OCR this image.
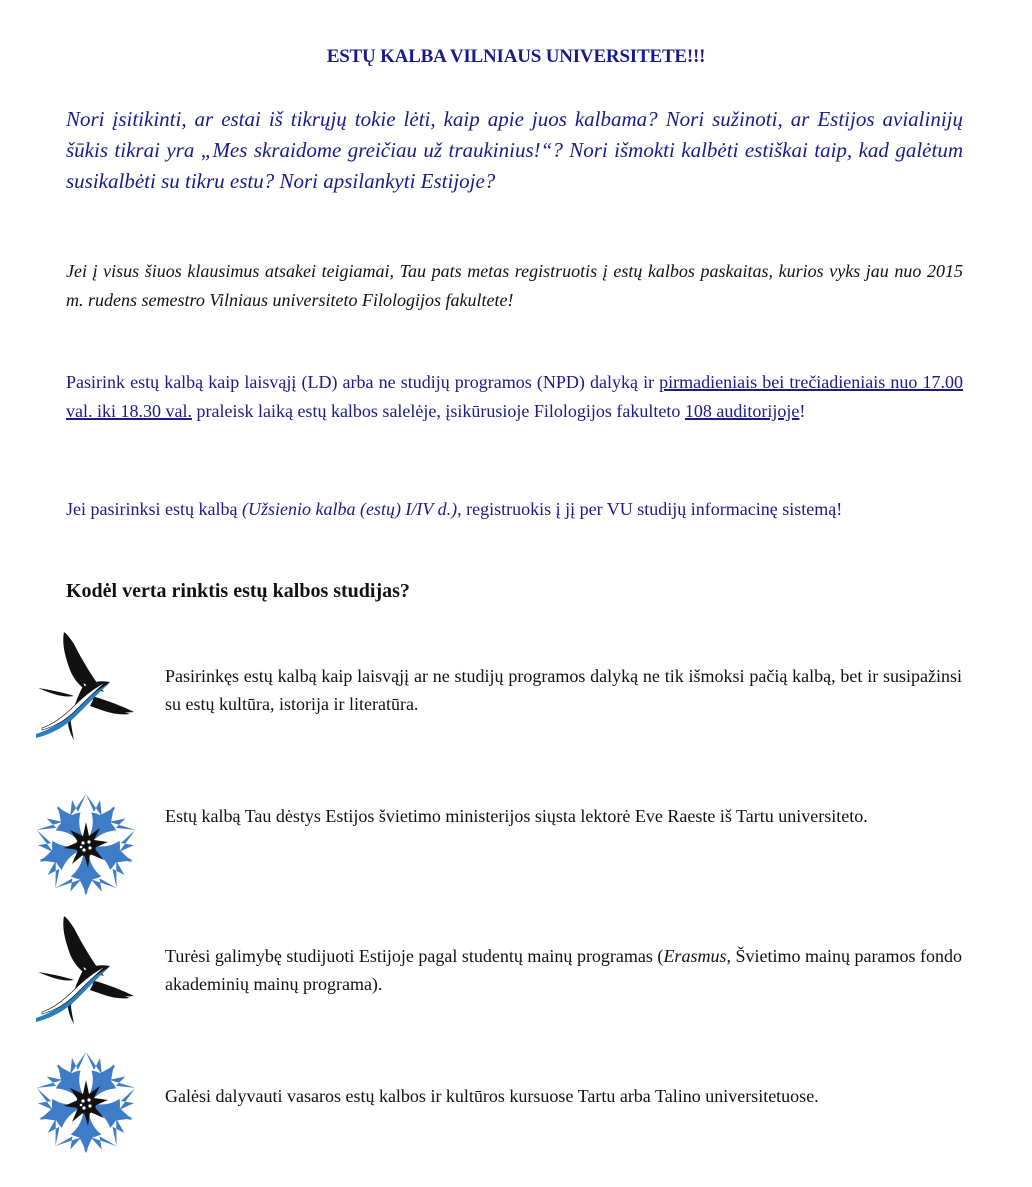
ESTŲ KALBA VILNIAUS UNIVERSITETE!!!
Nori įsitikinti, ar estai iš tikrųjų tokie lėti, kaip apie juos kalbama? Nori sužinoti, ar Estijos avialinijų šūkis tikrai yra „Mes skraidome greičiau už traukinius!“? Nori išmokti kalbėti estiškai taip, kad galėtum susikalbėti su tikru estu? Nori apsilankyti Estijoje?
Jei į visus šiuos klausimus atsakei teigiamai, Tau pats metas registruotis į estų kalbos paskaitas, kurios vyks jau nuo 2015 m. rudens semestro Vilniaus universiteto Filologijos fakultete!
Pasirink estų kalbą kaip laisvąjį (LD) arba ne studijų programos (NPD) dalyką ir pirmadieniais bei trečiadieniais nuo 17.00 val. iki 18.30 val. praleisk laiką estų kalbos salelėje, įsikūrusioje Filologijos fakulteto 108 auditorijoje!
Jei pasirinksi estų kalbą (Užsienio kalba (estų) I/IV d.), registruokis į jį per VU studijų informacinę sistemą!
Kodėl verta rinktis estų kalbos studijas?
Pasirinkęs estų kalbą kaip laisvąjį ar ne studijų programos dalyką ne tik išmoksi pačią kalbą, bet ir susipažinsi su estų kultūra, istorija ir literatūra.
Estų kalbą Tau dėstys Estijos švietimo ministerijos siųsta lektorė Eve Raeste iš Tartu universiteto.
Turėsi galimybę studijuoti Estijoje pagal studentų mainų programas (Erasmus, Švietimo mainų paramos fondo akademinių mainų programa).
Galėsi dalyvauti vasaros estų kalbos ir kultūros kursuose Tartu arba Talino universitetuose.
